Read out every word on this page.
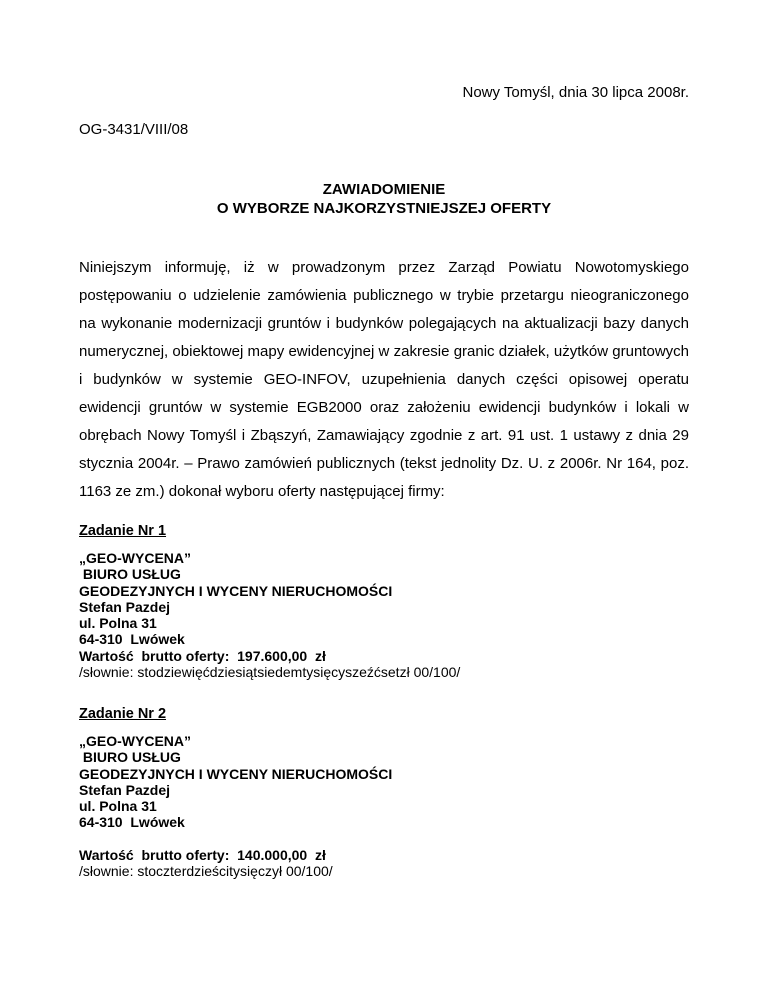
Nowy Tomyśl, dnia 30 lipca 2008r.
OG-3431/VIII/08
ZAWIADOMIENIE
O WYBORZE NAJKORZYSTNIEJSZEJ OFERTY

Niniejszym informuję, iż w prowadzonym przez Zarząd Powiatu Nowotomyskiego postępowaniu o udzielenie zamówienia publicznego w trybie przetargu nieograniczonego na wykonanie modernizacji gruntów i budynków polegających na aktualizacji bazy danych numerycznej, obiektowej mapy ewidencyjnej w zakresie granic działek, użytków gruntowych i budynków w systemie GEO-INFOV, uzupełnienia danych części opisowej operatu ewidencji gruntów w systemie EGB2000 oraz założeniu ewidencji budynków i lokali w obrębach Nowy Tomyśl i Zbąszyń, Zamawiający zgodnie z art. 91 ust. 1 ustawy z dnia 29 stycznia 2004r. – Prawo zamówień publicznych (tekst jednolity Dz. U. z 2006r. Nr 164, poz. 1163 ze zm.) dokonał wyboru oferty następującej firmy:

Zadanie Nr 1
„GEO-WYCENA”
BIURO USŁUG
GEODEZYJNYCH I WYCENY NIERUCHOMOŚCI
Stefan Pazdej
ul. Polna 31
64-310  Lwówek
Wartość  brutto oferty:  197.600,00  zł
/słownie: stodziewięćdziesiątsiedemtysięcyszeźćsetzł 00/100/
Zadanie Nr 2
„GEO-WYCENA”
BIURO USŁUG
GEODEZYJNYCH I WYCENY NIERUCHOMOŚCI
Stefan Pazdej
ul. Polna 31
64-310  Lwówek
Wartość  brutto oferty:  140.000,00  zł
/słownie: stoczterdzieścitysięczył 00/100/
